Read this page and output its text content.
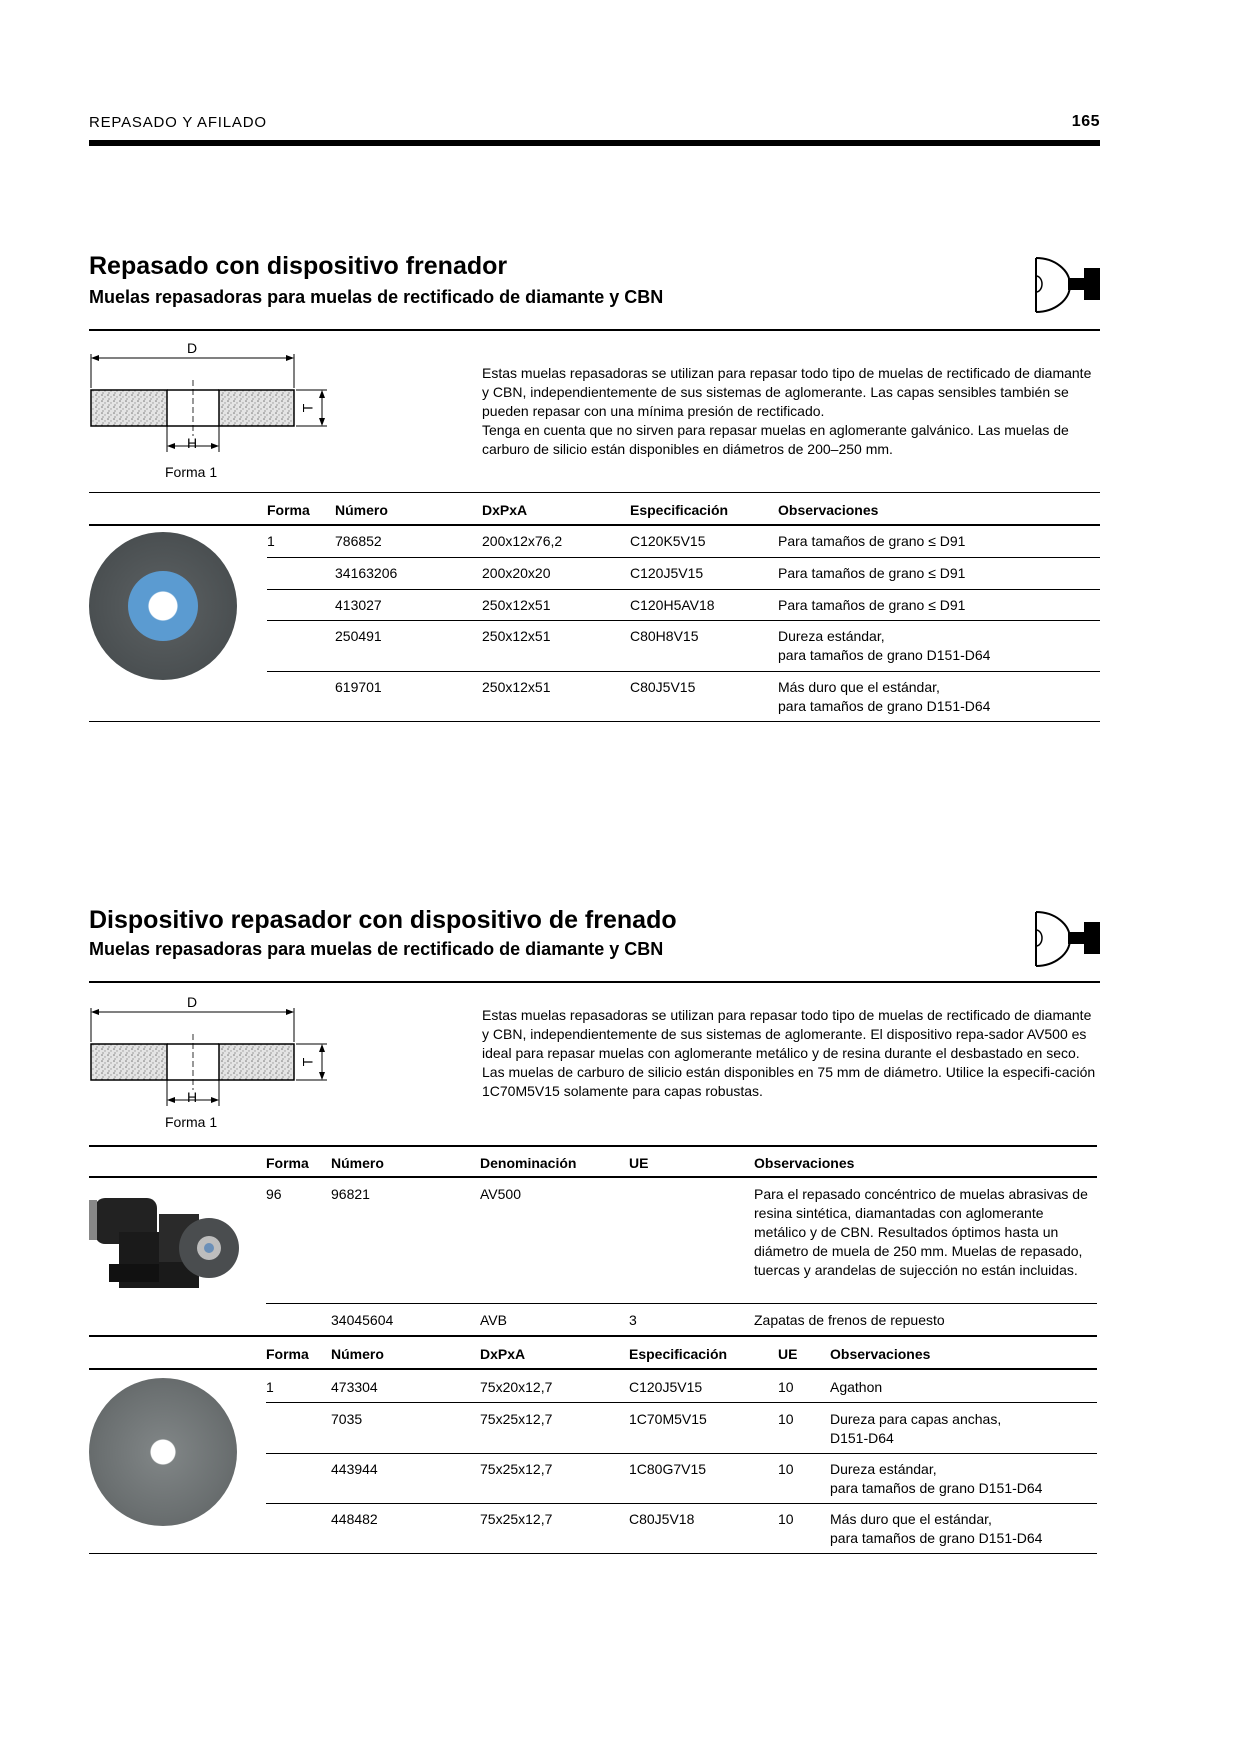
REPASADO Y AFILADO	165
Repasado con dispositivo frenador
Muelas repasadoras para muelas de rectificado de diamante y CBN
D
H
T
Forma 1

Estas muelas repasadoras se utilizan para repasar todo tipo de muelas de rectificado de diamante y CBN, independientemente de sus sistemas de aglomerante. Las capas sensibles también se pueden repasar con una mínima presión de rectificado.

Tenga en cuenta que no sirven para repasar muelas en aglomerante galvánico. Las muelas de carburo de silicio están disponibles en diámetros de 200–250 mm.

Forma Número	DxPxA	Especificación	Observaciones
1	786852	200x12x76,2	C120K5V15	Para tamaños de grano ≤ D91
34163206	200x20x20	C120J5V15	Para tamaños de grano ≤ D91
413027	250x12x51	C120H5AV18	Para tamaños de grano ≤ D91
250491	250x12x51	C80H8V15	Dureza estándar,
para tamaños de grano D151-D64
619701	250x12x51	C80J5V15	Más duro que el estándar,
para tamaños de grano D151-D64
Dispositivo repasador con dispositivo de frenado
Muelas repasadoras para muelas de rectificado de diamante y CBN
D
H
T
Forma 1

Estas muelas repasadoras se utilizan para repasar todo tipo de muelas de rectificado de diamante y CBN, independientemente de sus sistemas de aglomerante. El dispositivo repa-sador AV500 es ideal para repasar muelas con aglomerante metálico y de resina durante el desbastado en seco.

Las muelas de carburo de silicio están disponibles en 75 mm de diámetro. Utilice la especifi-cación 1C70M5V15 solamente para capas robustas.

Forma Número	Denominación	UE	Observaciones
96	96821	AV500	Para el repasado concéntrico de muelas abrasivas de resina sintética, diamantadas con aglomerante metálico y de CBN. Resultados óptimos hasta un diámetro de muela de 250 mm. Muelas de repasado, tuercas y arandelas de sujección no están incluidas.
34045604	AVB	3	Zapatas de frenos de repuesto
Forma Número	DxPxA	Especificación	UE Observaciones
1	473304	75x20x12,7	C120J5V15	10	Agathon
7035	75x25x12,7	1C70M5V15	10	Dureza para capas anchas,
D151-D64
443944	75x25x12,7	1C80G7V15	10	Dureza estándar,
para tamaños de grano D151-D64
448482	75x25x12,7	C80J5V18	10	Más duro que el estándar,
para tamaños de grano D151-D64
